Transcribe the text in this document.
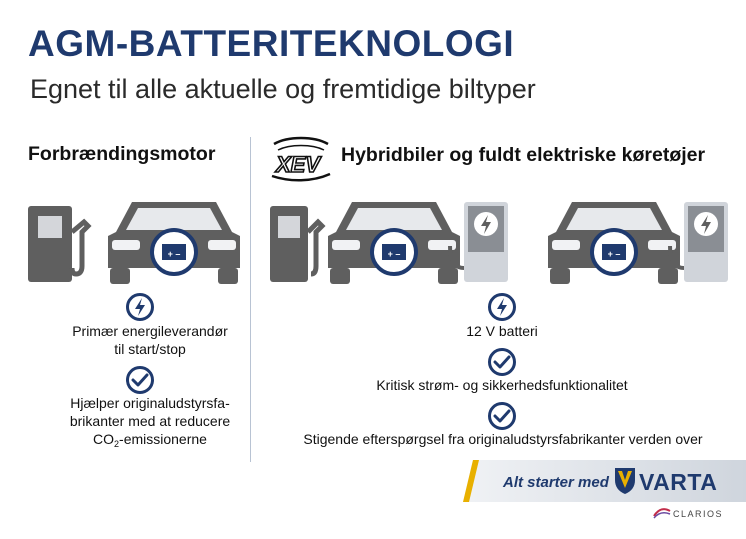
AGM-BATTERITEKNOLOGI
Egnet til alle aktuelle og fremtidige biltyper
Forbrændingsmotor	XEV Hybridbiler og fuldt elektriske køretøjer
+ –	+ –	+ –
Primær energileverandør
til start/stop
Hjælper originaludstyrsfa-
brikanter med at reducere
$CO_2$-emissionerne
12 V batteri
Kritisk strøm- og sikkerhedsfunktionalitet
Stigende efterspørgsel fra originaludstyrsfabrikanter verden over
Alt starter med VARTA
CLARIOS
